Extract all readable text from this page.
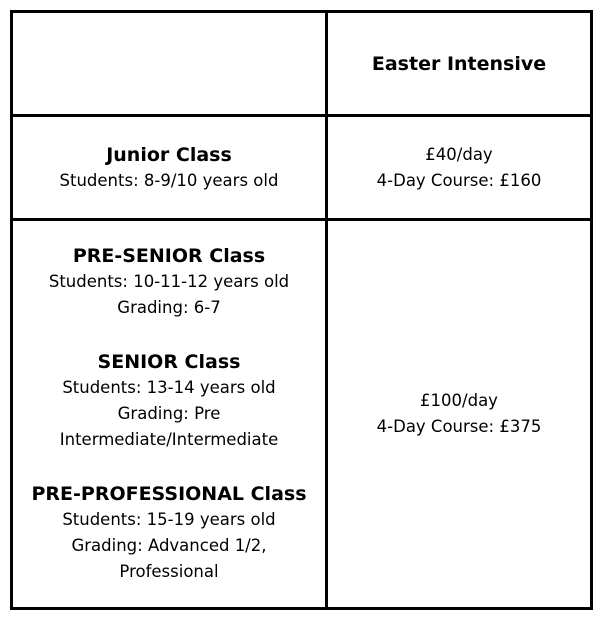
Easter Intensive
Junior Class
Students: 8-9/10 years old
£40/day
4-Day Course: £160
PRE-SENIOR Class
Students: 10-11-12 years old
Grading: 6-7
SENIOR Class
Students: 13-14 years old
Grading: Pre
Intermediate/Intermediate
PRE-PROFESSIONAL Class
Students: 15-19 years old
Grading: Advanced 1/2,
Professional
£100/day
4-Day Course: £375
